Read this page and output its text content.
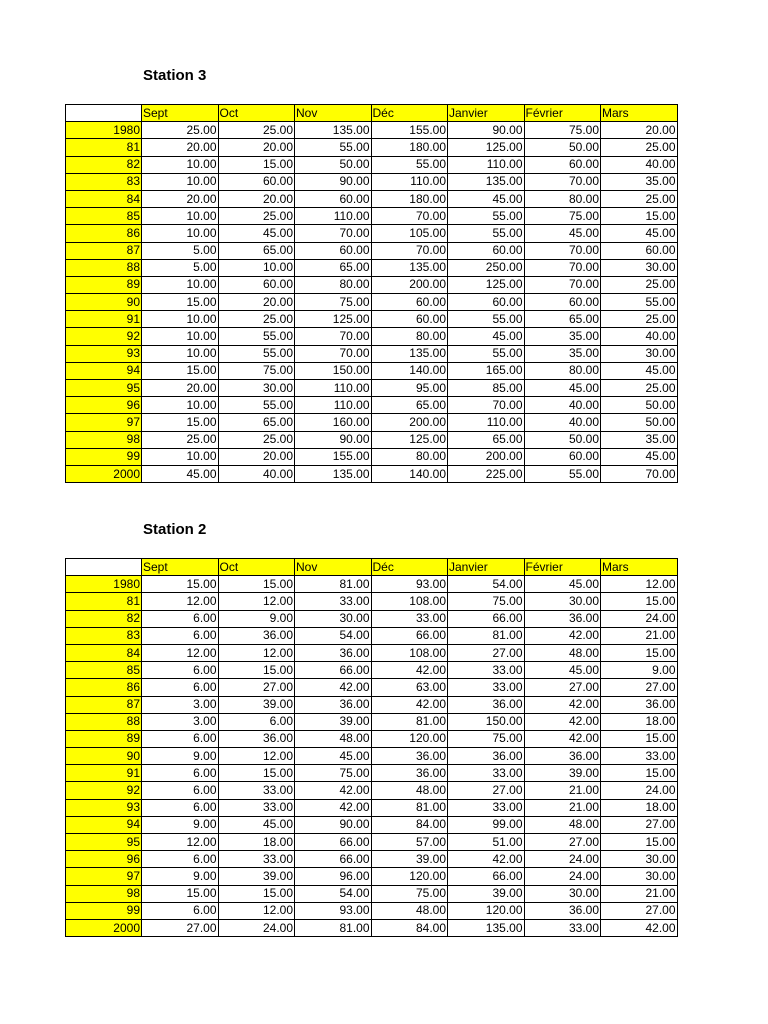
Station 3
	Sept	Oct	Nov	Déc	Janvier	Février	Mars
1980	25.00	25.00	135.00	155.00	90.00	75.00	20.00
81	20.00	20.00	55.00	180.00	125.00	50.00	25.00
82	10.00	15.00	50.00	55.00	110.00	60.00	40.00
83	10.00	60.00	90.00	110.00	135.00	70.00	35.00
84	20.00	20.00	60.00	180.00	45.00	80.00	25.00
85	10.00	25.00	110.00	70.00	55.00	75.00	15.00
86	10.00	45.00	70.00	105.00	55.00	45.00	45.00
87	5.00	65.00	60.00	70.00	60.00	70.00	60.00
88	5.00	10.00	65.00	135.00	250.00	70.00	30.00
89	10.00	60.00	80.00	200.00	125.00	70.00	25.00
90	15.00	20.00	75.00	60.00	60.00	60.00	55.00
91	10.00	25.00	125.00	60.00	55.00	65.00	25.00
92	10.00	55.00	70.00	80.00	45.00	35.00	40.00
93	10.00	55.00	70.00	135.00	55.00	35.00	30.00
94	15.00	75.00	150.00	140.00	165.00	80.00	45.00
95	20.00	30.00	110.00	95.00	85.00	45.00	25.00
96	10.00	55.00	110.00	65.00	70.00	40.00	50.00
97	15.00	65.00	160.00	200.00	110.00	40.00	50.00
98	25.00	25.00	90.00	125.00	65.00	50.00	35.00
99	10.00	20.00	155.00	80.00	200.00	60.00	45.00
2000	45.00	40.00	135.00	140.00	225.00	55.00	70.00
Station 2
	Sept	Oct	Nov	Déc	Janvier	Février	Mars
1980	15.00	15.00	81.00	93.00	54.00	45.00	12.00
81	12.00	12.00	33.00	108.00	75.00	30.00	15.00
82	6.00	9.00	30.00	33.00	66.00	36.00	24.00
83	6.00	36.00	54.00	66.00	81.00	42.00	21.00
84	12.00	12.00	36.00	108.00	27.00	48.00	15.00
85	6.00	15.00	66.00	42.00	33.00	45.00	9.00
86	6.00	27.00	42.00	63.00	33.00	27.00	27.00
87	3.00	39.00	36.00	42.00	36.00	42.00	36.00
88	3.00	6.00	39.00	81.00	150.00	42.00	18.00
89	6.00	36.00	48.00	120.00	75.00	42.00	15.00
90	9.00	12.00	45.00	36.00	36.00	36.00	33.00
91	6.00	15.00	75.00	36.00	33.00	39.00	15.00
92	6.00	33.00	42.00	48.00	27.00	21.00	24.00
93	6.00	33.00	42.00	81.00	33.00	21.00	18.00
94	9.00	45.00	90.00	84.00	99.00	48.00	27.00
95	12.00	18.00	66.00	57.00	51.00	27.00	15.00
96	6.00	33.00	66.00	39.00	42.00	24.00	30.00
97	9.00	39.00	96.00	120.00	66.00	24.00	30.00
98	15.00	15.00	54.00	75.00	39.00	30.00	21.00
99	6.00	12.00	93.00	48.00	120.00	36.00	27.00
2000	27.00	24.00	81.00	84.00	135.00	33.00	42.00
